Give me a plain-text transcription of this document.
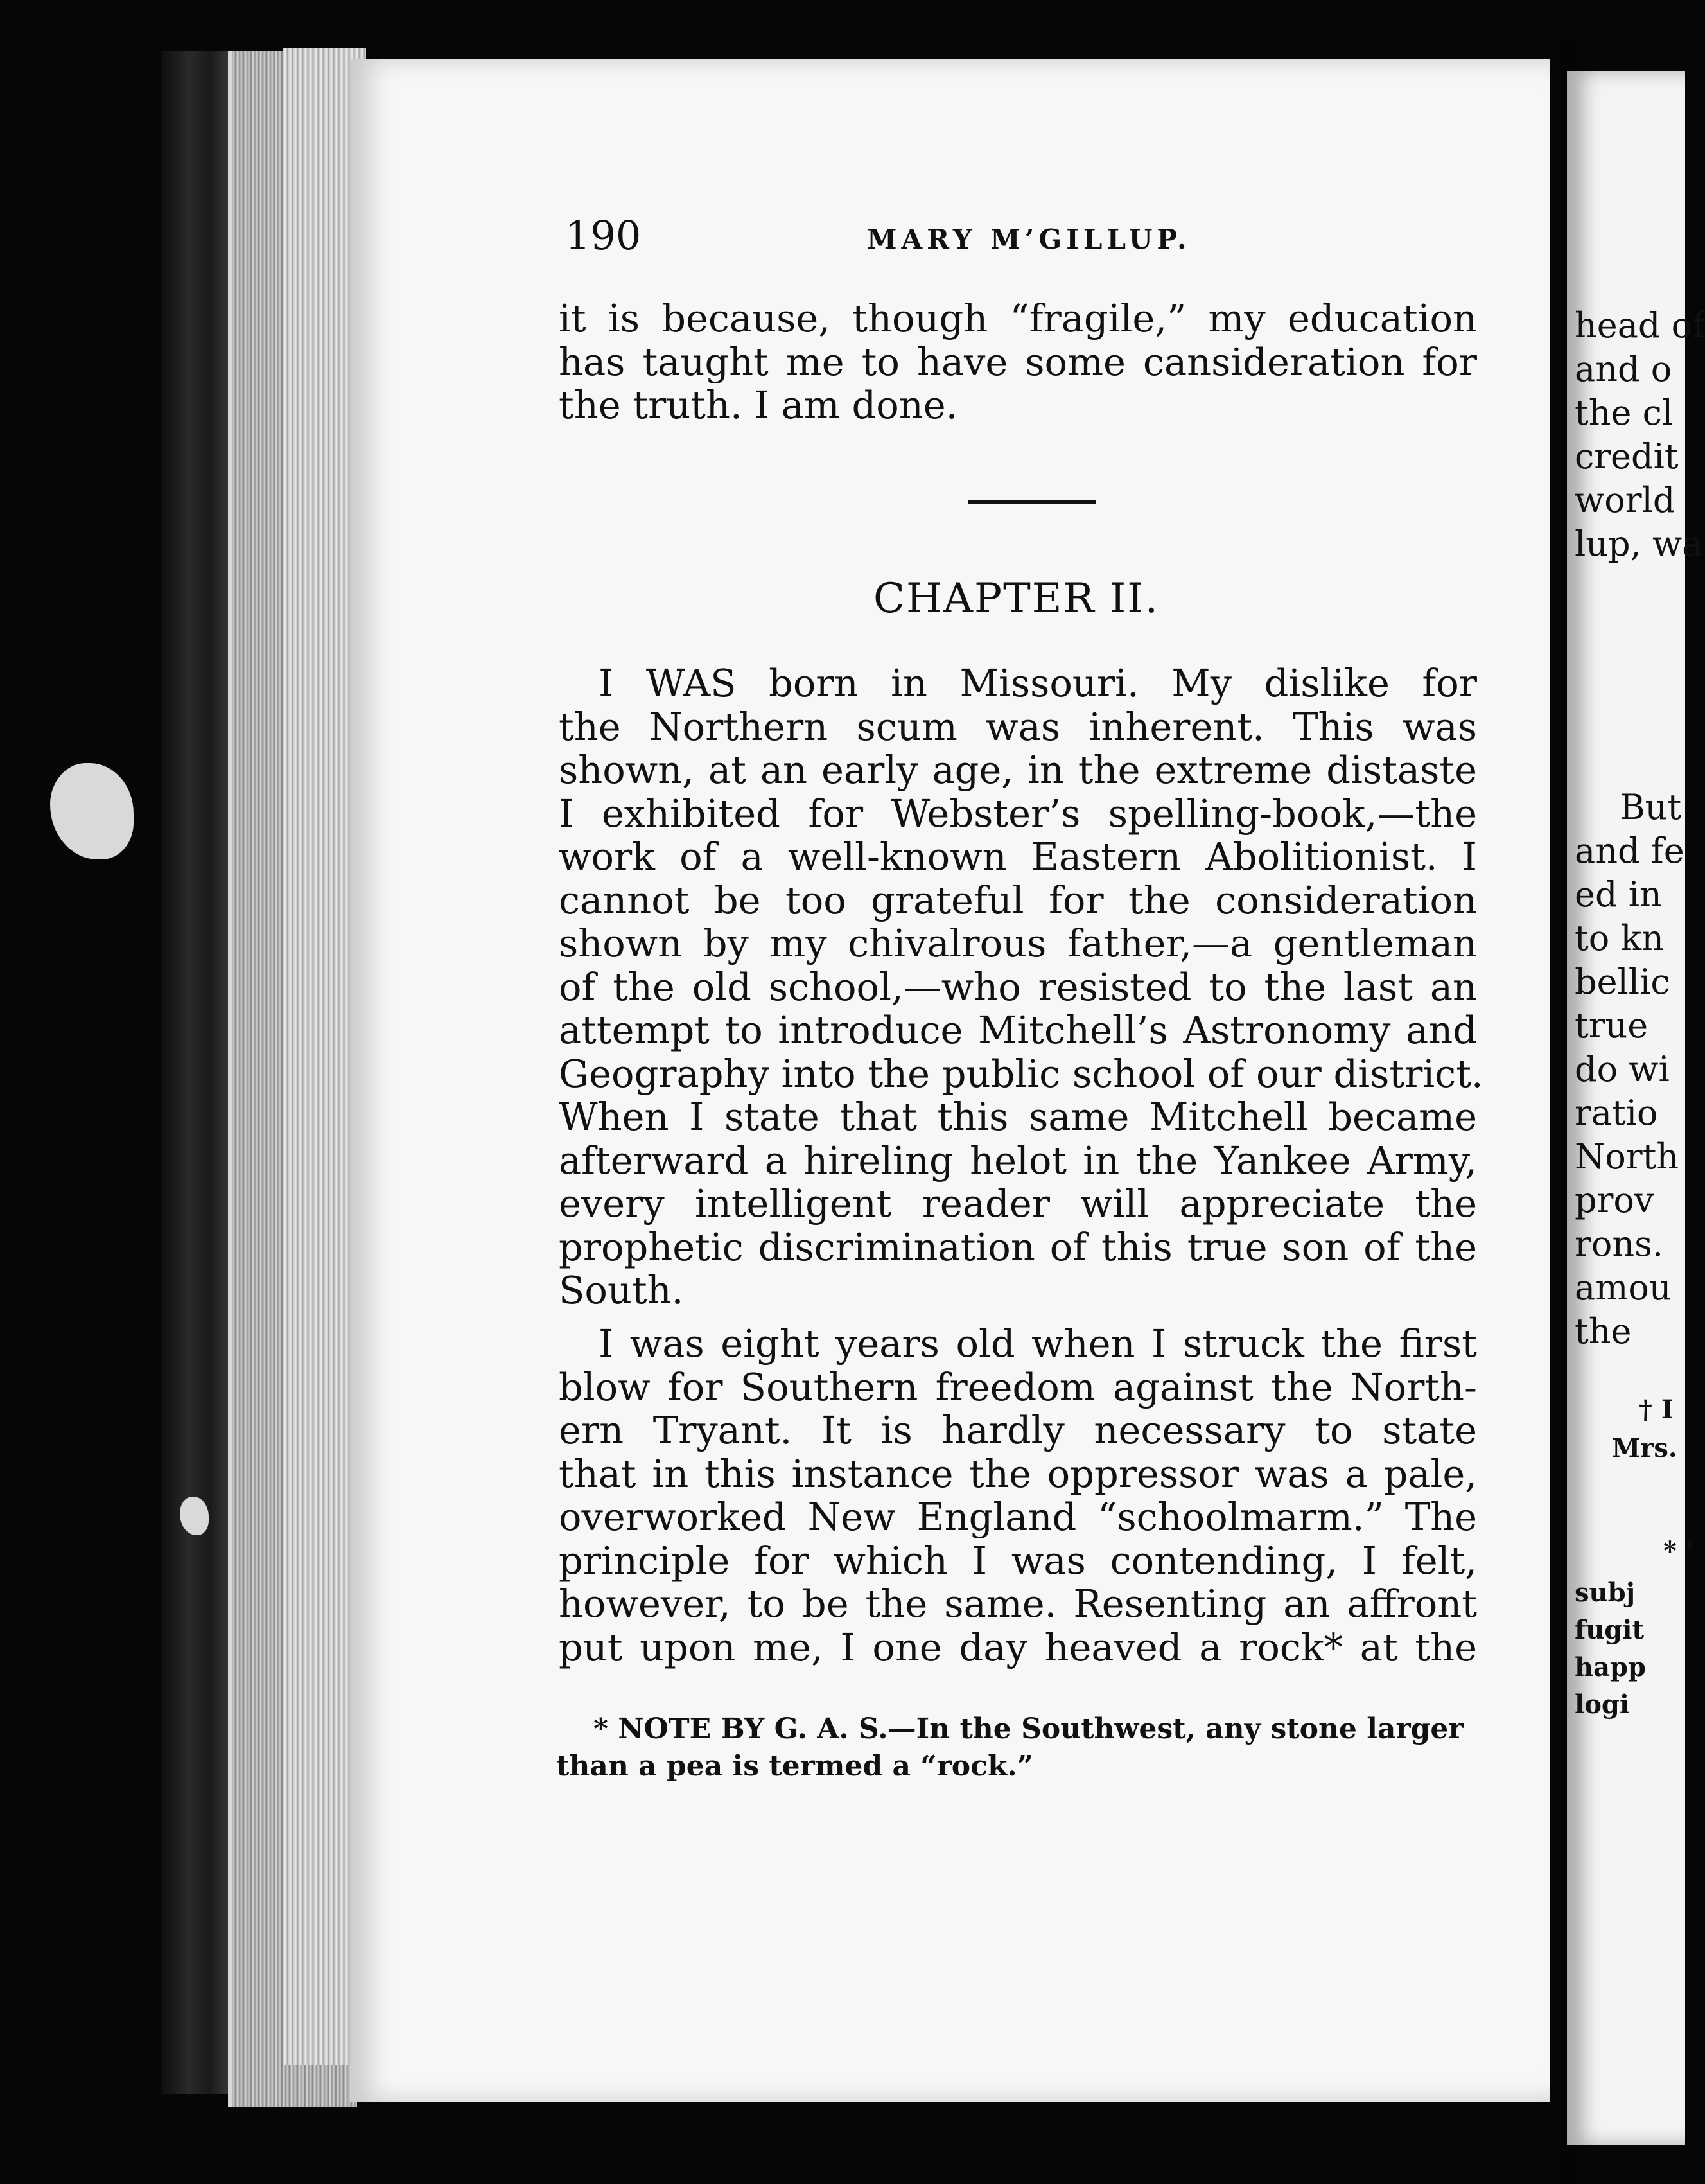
head of
and o
the cl
credit
world
lup, wa
But
and fe
ed in
to kn
bellic
true
do wi
ratio
North
prov
rons.
amou
the
† I
Mrs.
* '
subj
fugit
happ
logi
190	MARY M’GILLUP.
it is because, though “fragile,” my education
has taught me to have some cansideration for
the truth. I am done.
CHAPTER II.
I WAS born in Missouri. My dislike for
the Northern scum was inherent. This was
shown, at an early age, in the extreme distaste
I exhibited for Webster’s spelling-book,—the
work of a well-known Eastern Abolitionist. I
cannot be too grateful for the consideration
shown by my chivalrous father,—a gentleman
of the old school,—who resisted to the last an
attempt to introduce Mitchell’s Astronomy and
Geography into the public school of our district.
When I state that this same Mitchell became
afterward a hireling helot in the Yankee Army,
every intelligent reader will appreciate the
prophetic discrimination of this true son of the
South.
I was eight years old when I struck the first
blow for Southern freedom against the North-
ern Tryant. It is hardly necessary to state
that in this instance the oppressor was a pale,
overworked New England “schoolmarm.” The
principle for which I was contending, I felt,
however, to be the same. Resenting an affront
put upon me, I one day heaved a rock* at the
* NOTE BY G. A. S.—In the Southwest, any stone larger
than a pea is termed a “rock.”
